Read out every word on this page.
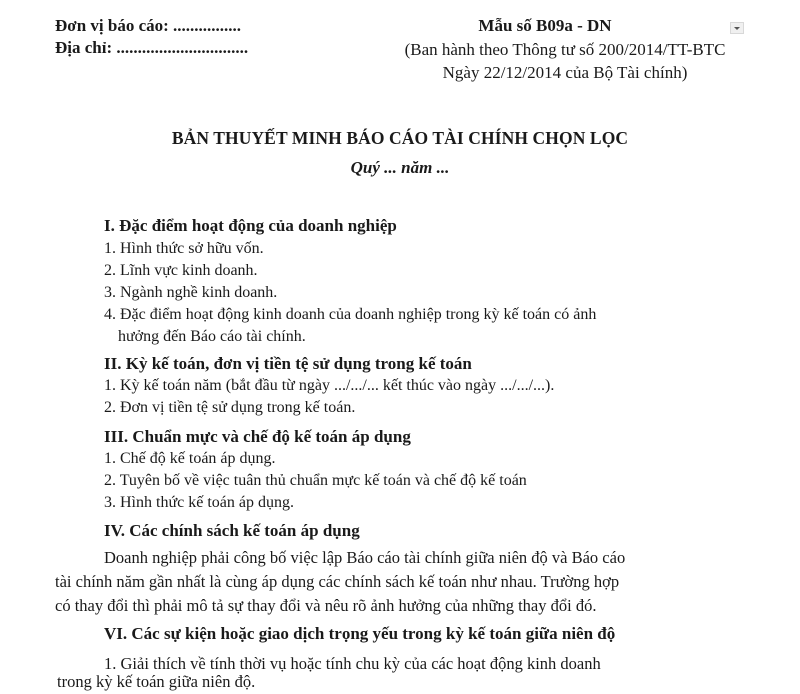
Đơn vị báo cáo: ................
Địa chỉ: ...............................
Mẫu số B09a - DN
(Ban hành theo Thông tư số 200/2014/TT-BTC
Ngày 22/12/2014 của Bộ Tài chính)
BẢN THUYẾT MINH BÁO CÁO TÀI CHÍNH CHỌN LỌC
Quý ... năm ...
I. Đặc điểm hoạt động của doanh nghiệp
1. Hình thức sở hữu vốn.
2. Lĩnh vực kinh doanh.
3. Ngành nghề kinh doanh.
4. Đặc điểm hoạt động kinh doanh của doanh nghiệp trong kỳ kế toán có ảnh
hưởng đến Báo cáo tài chính.
II. Kỳ kế toán, đơn vị tiền tệ sử dụng trong kế toán
1. Kỳ kế toán năm (bắt đầu từ ngày .../.../... kết thúc vào ngày .../.../...).
2. Đơn vị tiền tệ sử dụng trong kế toán.
III. Chuẩn mực và chế độ kế toán áp dụng
1. Chế độ kế toán áp dụng.
2. Tuyên bố về việc tuân thủ chuẩn mực kế toán và chế độ kế toán
3. Hình thức kế toán áp dụng.
IV. Các chính sách kế toán áp dụng
Doanh nghiệp phải công bố việc lập Báo cáo tài chính giữa niên độ và Báo cáo
tài chính năm gần nhất là cùng áp dụng các chính sách kế toán như nhau. Trường hợp
có thay đổi thì phải mô tả sự thay đổi và nêu rõ ảnh hưởng của những thay đổi đó.
VI. Các sự kiện hoặc giao dịch trọng yếu trong kỳ kế toán giữa niên độ
1. Giải thích về tính thời vụ hoặc tính chu kỳ của các hoạt động kinh doanh
trong kỳ kế toán giữa niên độ.
